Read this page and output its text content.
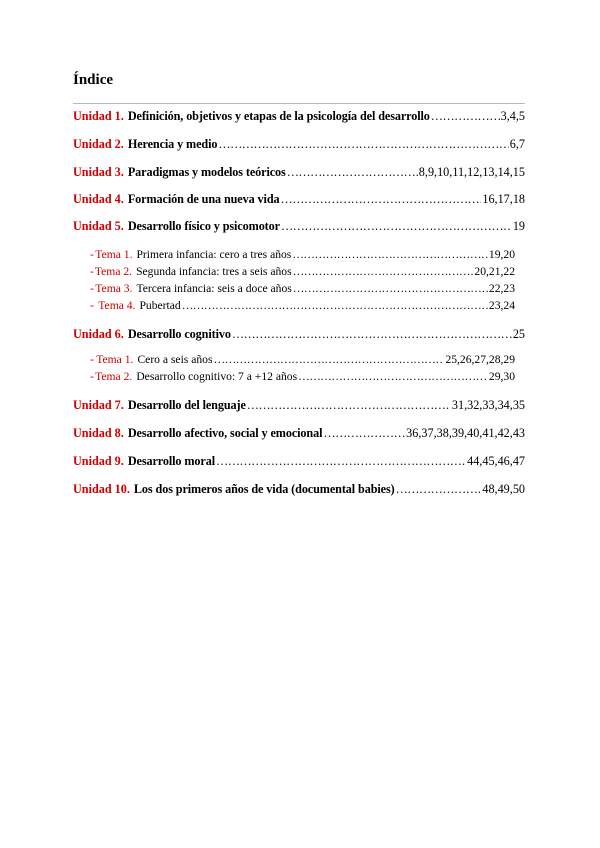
Índice
Unidad 1. Definición, objetivos y etapas de la psicología del desarrollo ………………………………………………………………………………………………………………………………………………………………	3,4,5
Unidad 2. Herencia y medio ………………………………………………………………………………………………………………………………………………………………	6,7
Unidad 3. Paradigmas y modelos teóricos ………………………………………………………………………………………………………………………………………………………………	8,9,10,11,12,13,14,15
Unidad 4. Formación de una nueva vida ………………………………………………………………………………………………………………………………………………………………	16,17,18
Unidad 5. Desarrollo físico y psicomotor ………………………………………………………………………………………………………………………………………………………………	19
- Tema 1. Primera infancia: cero a tres años ………………………………………………………………………………………………………………………………………………………………	19,20
- Tema 2. Segunda infancia: tres a seis años ………………………………………………………………………………………………………………………………………………………………	20,21,22
- Tema 3. Tercera infancia: seis a doce años ………………………………………………………………………………………………………………………………………………………………	22,23
- Tema 4. Pubertad ………………………………………………………………………………………………………………………………………………………………	23,24
Unidad 6. Desarrollo cognitivo ………………………………………………………………………………………………………………………………………………………………	25
- Tema 1. Cero a seis años ………………………………………………………………………………………………………………………………………………………………	25,26,27,28,29
- Tema 2. Desarrollo cognitivo: 7 a +12 años ………………………………………………………………………………………………………………………………………………………………	29,30
Unidad 7. Desarrollo del lenguaje ………………………………………………………………………………………………………………………………………………………………	31,32,33,34,35
Unidad 8. Desarrollo afectivo, social y emocional ………………………………………………………………………………………………………………………………………………………………	36,37,38,39,40,41,42,43
Unidad 9. Desarrollo moral ………………………………………………………………………………………………………………………………………………………………	44,45,46,47
Unidad 10. Los dos primeros años de vida (documental babies) ………………………………………………………………………………………………………………………………………………………………	48,49,50
